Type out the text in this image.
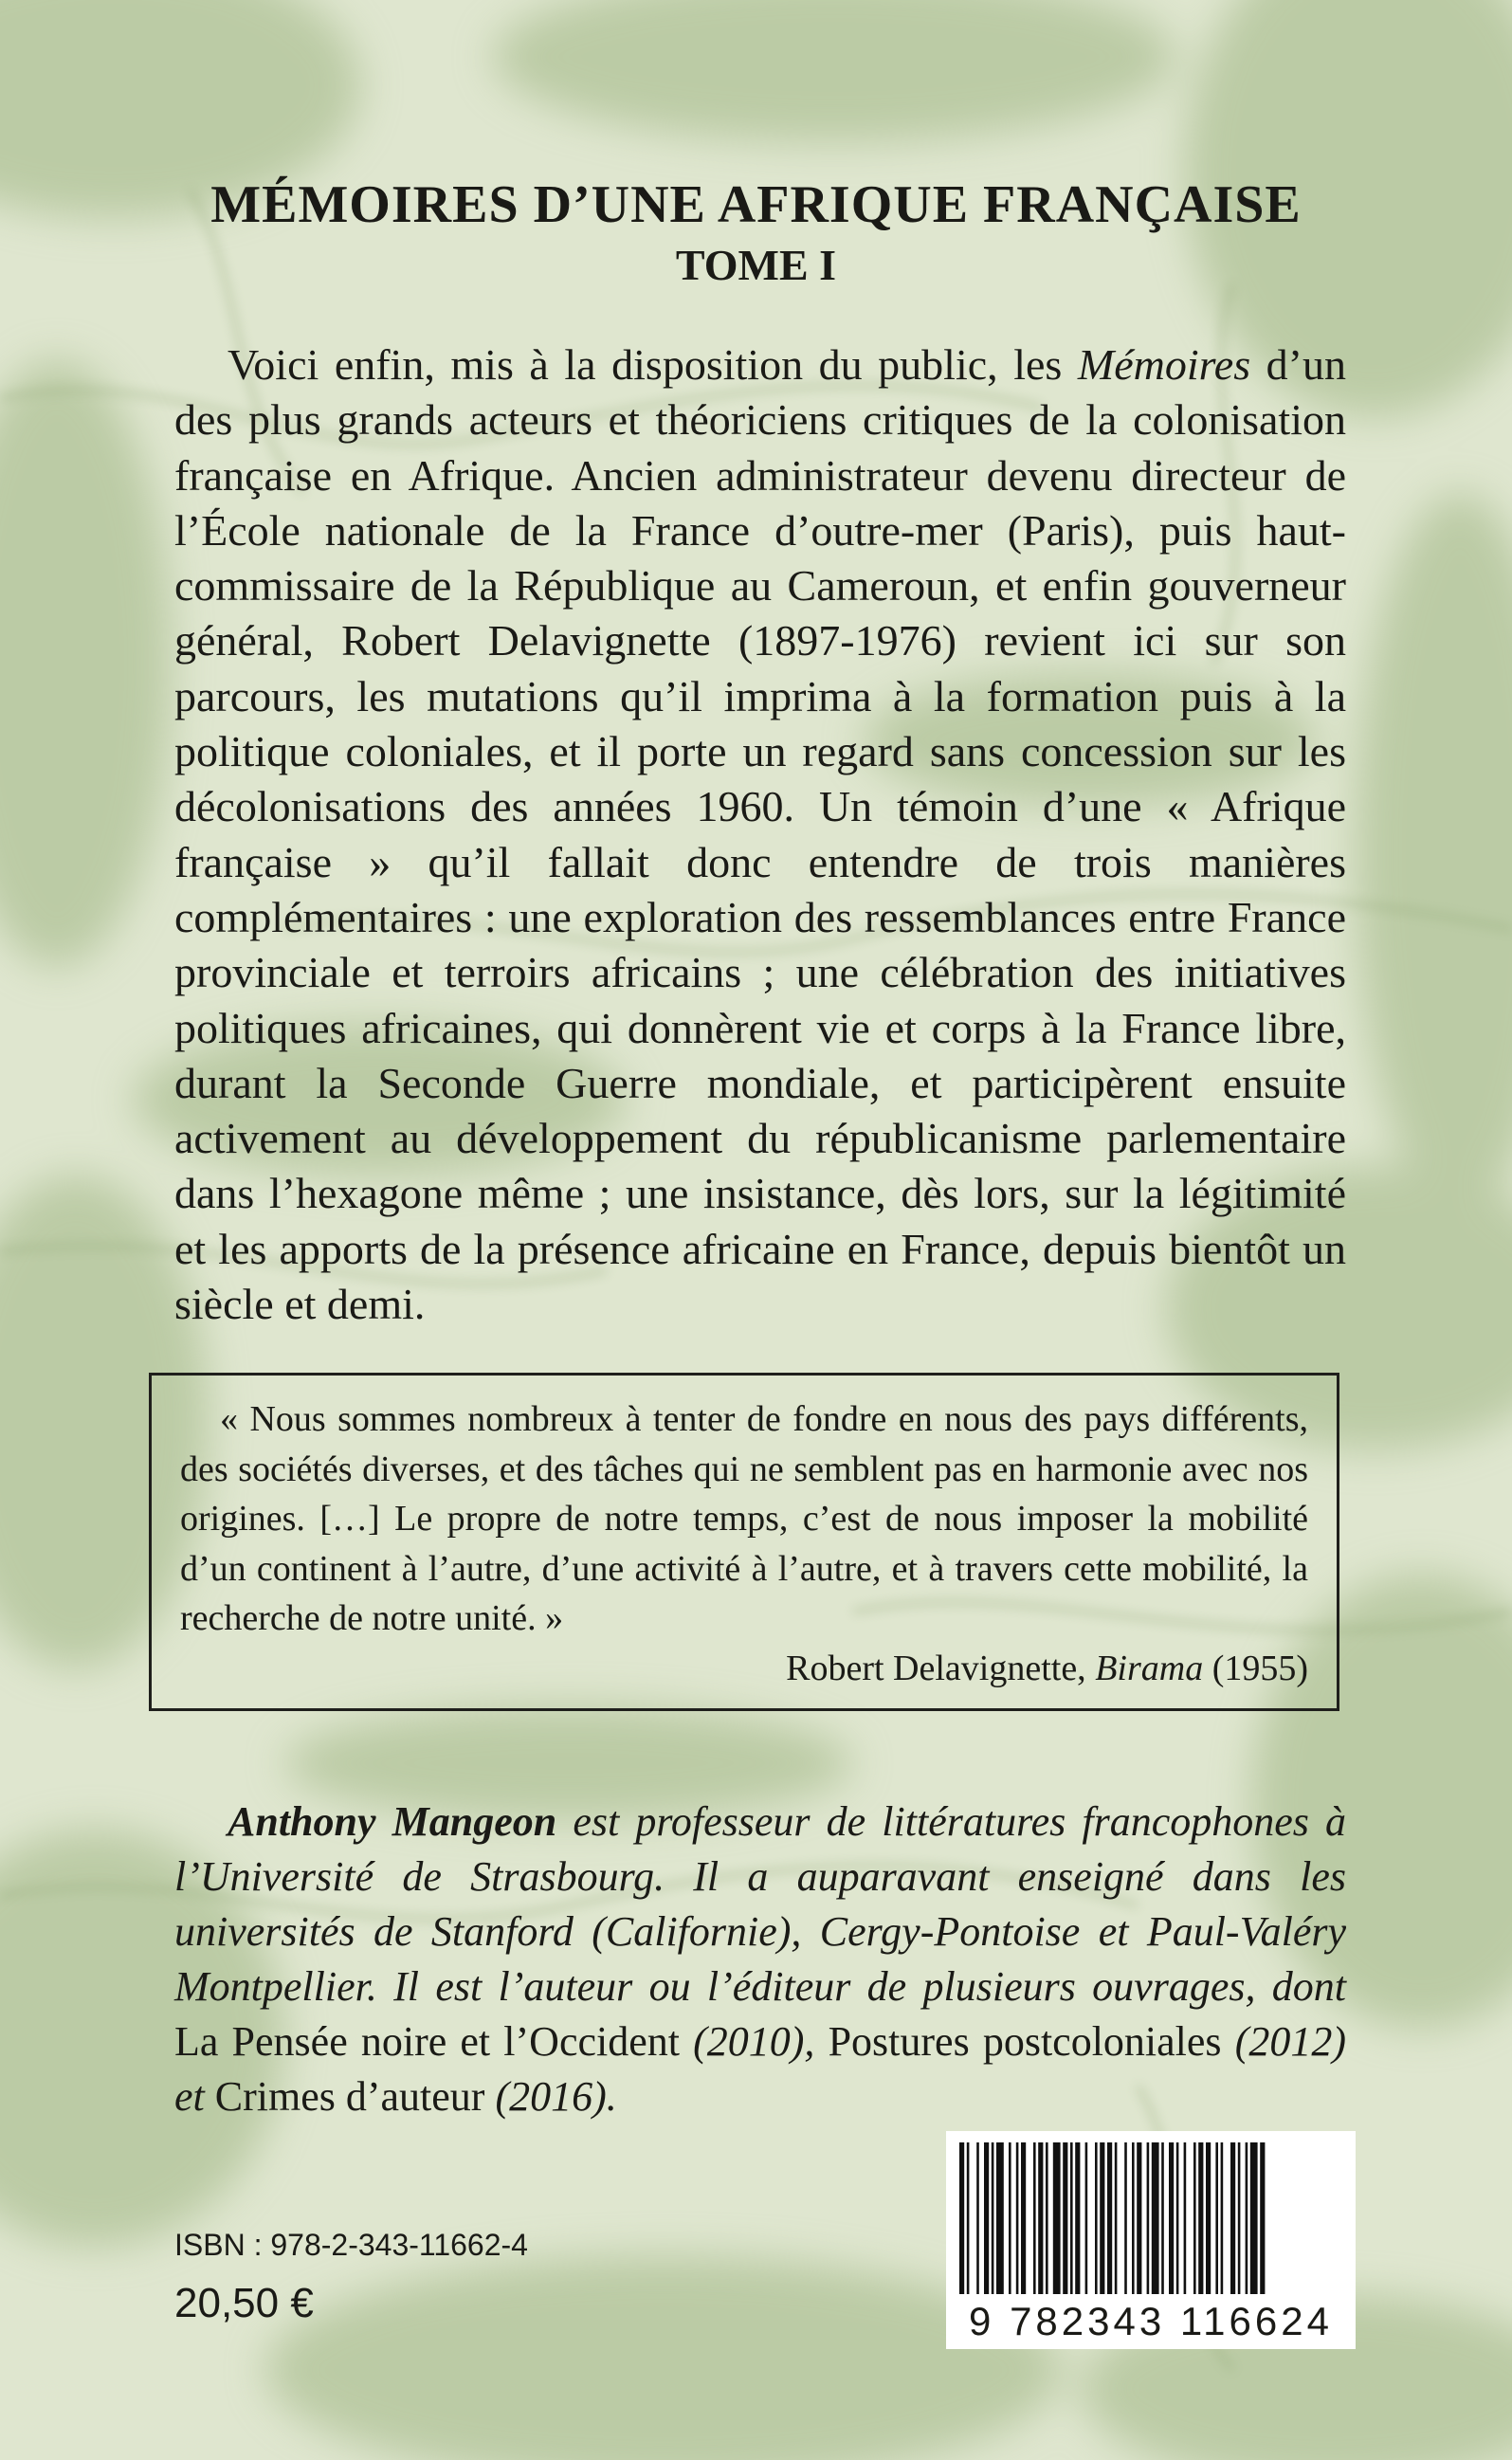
MÉMOIRES D’UNE AFRIQUE FRANÇAISE
TOME I

Voici enfin, mis à la disposition du public, les Mémoires d’un des plus grands acteurs et théoriciens critiques de la colonisation française en Afrique. Ancien administrateur devenu directeur de l’École nationale de la France d’outre-mer (Paris), puis haut-commissaire de la République au Cameroun, et enfin gouverneur général, Robert Delavignette (1897-1976) revient ici sur son parcours, les mutations qu’il imprima à la formation puis à la politique coloniales, et il porte un regard sans concession sur les décolonisations des années 1960. Un témoin d’une « Afrique française » qu’il fallait donc entendre de trois manières complémentaires : une exploration des ressemblances entre France provinciale et terroirs africains ; une célébration des initiatives politiques africaines, qui donnèrent vie et corps à la France libre, durant la Seconde Guerre mondiale, et participèrent ensuite activement au développement du républicanisme parlementaire dans l’hexagone même ; une insistance, dès lors, sur la légitimité et les apports de la présence africaine en France, depuis bientôt un siècle et demi.

« Nous sommes nombreux à tenter de fondre en nous des pays différents, des sociétés diverses, et des tâches qui ne semblent pas en harmonie avec nos origines. […] Le propre de notre temps, c’est de nous imposer la mobilité d’un continent à l’autre, d’une activité à l’autre, et à travers cette mobilité, la recherche de notre unité. »

Robert Delavignette, Birama (1955)

Anthony Mangeon est professeur de littératures francophones à l’Université de Strasbourg. Il a auparavant enseigné dans les universités de Stanford (Californie), Cergy-Pontoise et Paul-Valéry Montpellier. Il est l’auteur ou l’éditeur de plusieurs ouvrages, dont La Pensée noire et l’Occident (2010), Postures postcoloniales (2012) et Crimes d’auteur (2016).

ISBN : 978-2-343-11662-4
20,50 €	9 782343 116624
